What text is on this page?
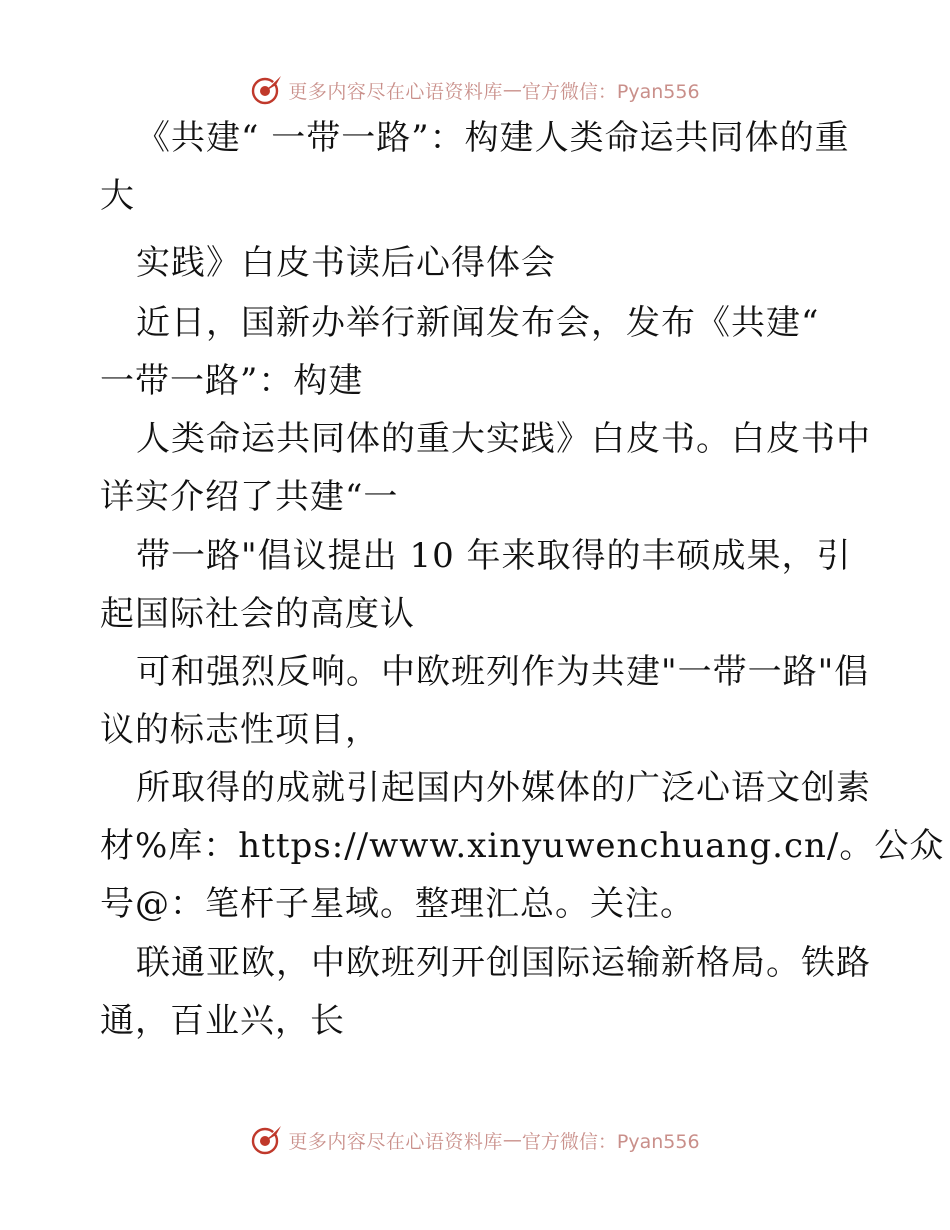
更多内容尽在心语资料库 — 官方微信：Pyan556
《共建“ 一带一路”：构建人类命运共同体的重
大
实践》白皮书读后心得体会
近日，国新办举行新闻发布会，发布《共建“
一带一路”：构建
人类命运共同体的重大实践》白皮书。白皮书中
详实介绍了共建“一
带一路"倡议提出 10 年来取得的丰硕成果，引
起国际社会的高度认
可和强烈反响。中欧班列作为共建"一带一路"倡
议的标志性项目，
所取得的成就引起国内外媒体的广泛心语文创素
材%库：https://www.xinyuwenchuang.cn/。公众
号@：笔杆子星域。整理汇总。关注。
联通亚欧，中欧班列开创国际运输新格局。铁路
通，百业兴，长
更多内容尽在心语资料库 — 官方微信：Pyan556
